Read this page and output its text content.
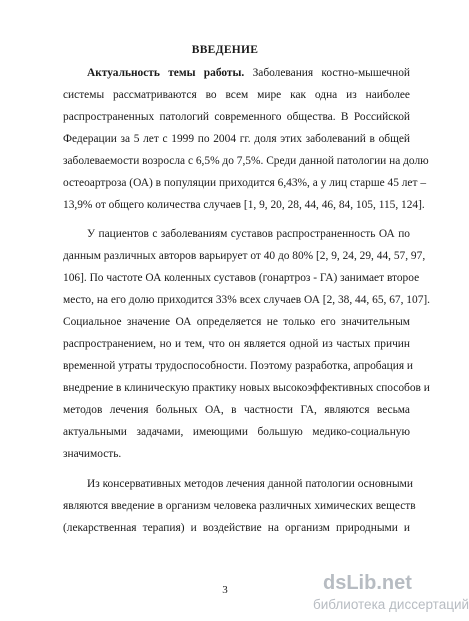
ВВЕДЕНИЕ
Актуальность темы работы. Заболевания костно-мышечной
системы рассматриваются во всем мире как одна из наиболее
распространенных патологий современного общества. В Российской
Федерации за 5 лет с 1999 по 2004 гг. доля этих заболеваний в общей
заболеваемости возросла с 6,5% до 7,5%. Среди данной патологии на долю
остеоартроза (ОА) в популяции приходится 6,43%, а у лиц старше 45 лет –
13,9% от общего количества случаев [1, 9, 20, 28, 44, 46, 84, 105, 115, 124].
У пациентов с заболеваниям суставов распространенность ОА по
данным различных авторов варьирует от 40 до 80% [2, 9, 24, 29, 44, 57, 97,
106]. По частоте ОА коленных суставов (гонартроз - ГА) занимает второе
место, на его долю приходится 33% всех случаев ОА [2, 38, 44, 65, 67, 107].
Социальное значение ОА определяется не только его значительным
распространением, но и тем, что он является одной из частых причин
временной утраты трудоспособности. Поэтому разработка, апробация и
внедрение в клиническую практику новых высокоэффективных способов и
методов лечения больных ОА, в частности ГА, являются весьма
актуальными задачами, имеющими большую медико-социальную
значимость.
Из консервативных методов лечения данной патологии основными
являются введение в организм человека различных химических веществ
(лекарственная терапия) и воздействие на организм природными и
3	dsLib.net
библиотека диссертаций
